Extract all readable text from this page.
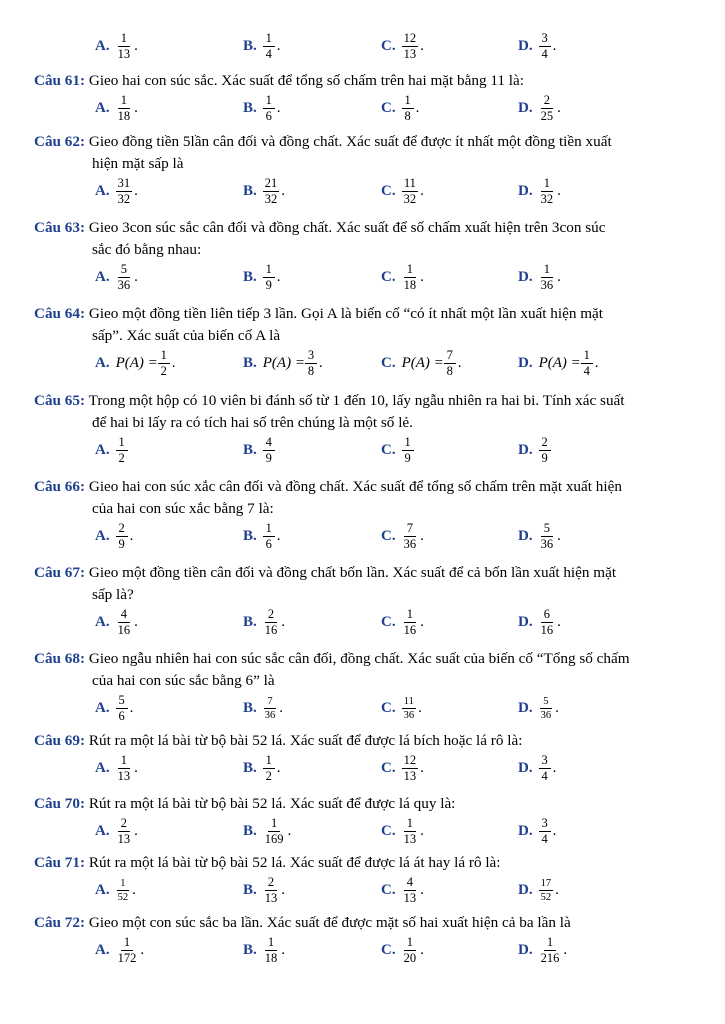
A. $\frac{1}{13}$ .	B. $\frac{1}{4}$ .	C. $\frac{12}{13}$ .	D. $\frac{3}{4}$ .
Câu 61: Gieo hai con súc sắc. Xác suất để tổng số chấm trên hai mặt bằng 11 là:
A. $\frac{1}{18}$ .	B. $\frac{1}{6}$ .	C. $\frac{1}{8}$ .	D. $\frac{2}{25}$ .
Câu 62: Gieo đồng tiền 5lần cân đối và đồng chất. Xác suất để được ít nhất một đồng tiền xuất
hiện mặt sấp là
A. $\frac{31}{32}$ .	B. $\frac{21}{32}$ .	C. $\frac{11}{32}$ .	D. $\frac{1}{32}$ .
Câu 63: Gieo 3con súc sắc cân đối và đồng chất. Xác suất để số chấm xuất hiện trên 3con súc
sắc đó bằng nhau:
A. $\frac{5}{36}$ .	B. $\frac{1}{9}$ .	C. $\frac{1}{18}$ .	D. $\frac{1}{36}$ .
Câu 64: Gieo một đồng tiền liên tiếp 3 lần. Gọi A là biến cố “có ít nhất một lần xuất hiện mặt
sấp”. Xác suất của biến cố A là
A. $P(A) = \frac{1}{2}$ .	B. $P(A) = \frac{3}{8}$ .	C. $P(A) = \frac{7}{8}$ .	D. $P(A) = \frac{1}{4}$ .
Câu 65: Trong một hộp có 10 viên bi đánh số từ 1 đến 10, lấy ngẫu nhiên ra hai bi. Tính xác suất
để hai bi lấy ra có tích hai số trên chúng là một số lẻ.
A. $\frac{1}{2}$	B. $\frac{4}{9}$	C. $\frac{1}{9}$	D. $\frac{2}{9}$
Câu 66: Gieo hai con súc xắc cân đối và đồng chất. Xác suất để tổng số chấm trên mặt xuất hiện
của hai con súc xắc bằng 7 là:
A. $\frac{2}{9}$ .	B. $\frac{1}{6}$ .	C. $\frac{7}{36}$ .	D. $\frac{5}{36}$ .
Câu 67: Gieo một đồng tiền cân đối và đồng chất bốn lần. Xác suất để cả bốn lần xuất hiện mặt
sấp là?
A. $\frac{4}{16}$ .	B. $\frac{2}{16}$ .	C. $\frac{1}{16}$ .	D. $\frac{6}{16}$ .
Câu 68: Gieo ngẫu nhiên hai con súc sắc cân đối, đồng chất. Xác suất của biến cố “Tổng số chấm
của hai con súc sắc bằng 6” là
A. $\frac{5}{6}$ .	B. $\frac{7}{36}$ .	C. $\frac{11}{36}$ .	D. $\frac{5}{36}$ .
Câu 69: Rút ra một lá bài từ bộ bài 52 lá. Xác suất để được lá bích hoặc lá rô là:
A. $\frac{1}{13}$ .	B. $\frac{1}{2}$ .	C. $\frac{12}{13}$ .	D. $\frac{3}{4}$ .
Câu 70: Rút ra một lá bài từ bộ bài 52 lá. Xác suất để được lá quy là:
A. $\frac{2}{13}$ .	B. $\frac{1}{169}$ .	C. $\frac{1}{13}$ .	D. $\frac{3}{4}$ .
Câu 71: Rút ra một lá bài từ bộ bài 52 lá. Xác suất để được lá át hay lá rô là:
A. $\frac{1}{52}$ .	B. $\frac{2}{13}$ .	C. $\frac{4}{13}$ .	D. $\frac{17}{52}$ .
Câu 72: Gieo một con súc sắc ba lần. Xác suất để được mặt số hai xuất hiện cả ba lần là
A. $\frac{1}{172}$ .	B. $\frac{1}{18}$ .	C. $\frac{1}{20}$ .	D. $\frac{1}{216}$ .
